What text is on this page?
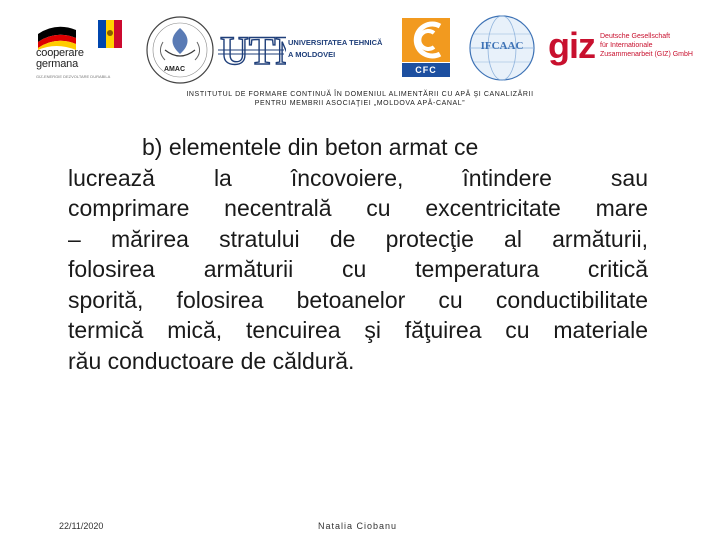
cooperare
germana
GIZ-ENERGIE DEZVOLTARE DURABILA
AMAC UT	UNIVERSITATEA TEHNICĂ
A MOLDOVEI
CFC
IFCAAC giz Deutsche Gesellschaft
für Internationale
Zusammenarbeit (GIZ) GmbH
INSTITUTUL DE FORMARE CONTINUĂ ÎN DOMENIUL ALIMENTĂRII CU APĂ ŞI CANALIZĂRII
PENTRU MEMBRII ASOCIAŢIEI „MOLDOVA APĂ-CANAL”
b) elementele din beton armat ce
lucrează la încovoiere, întindere sau
comprimare necentrală cu excentricitate mare
– mărirea stratului de protecţie al armăturii,
folosirea armăturii cu temperatura critică
sporită, folosirea betoanelor cu conductibilitate
termică mică, tencuirea şi făţuirea cu materiale
rău conductoare de căldură.
22/11/2020	Natalia Ciobanu
